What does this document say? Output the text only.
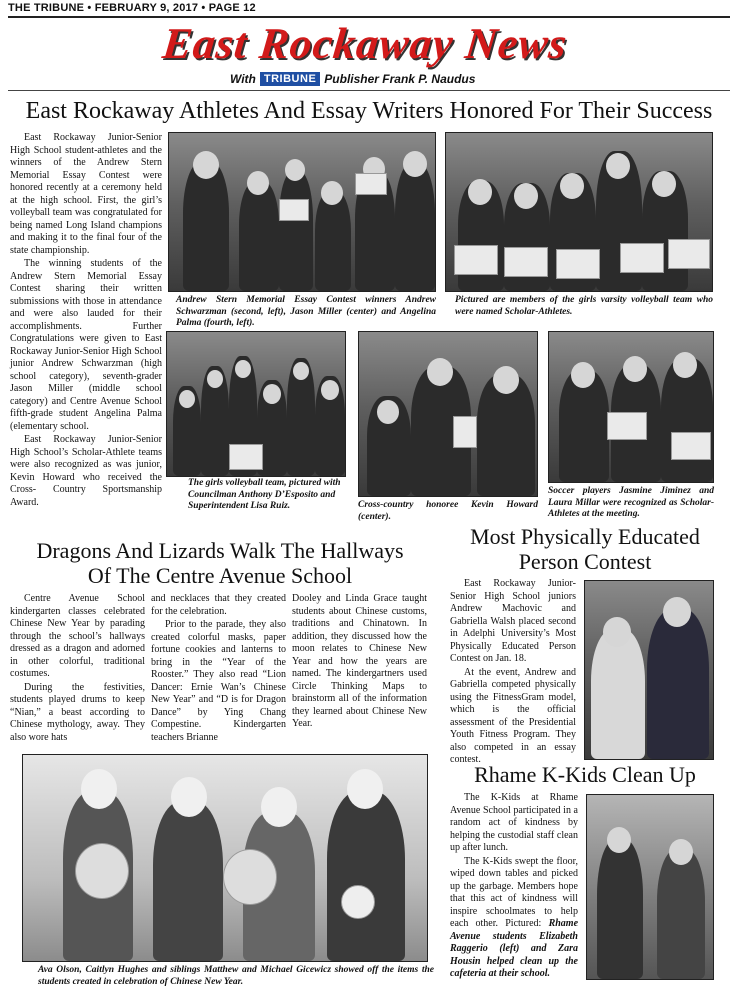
THE TRIBUNE • FEBRUARY 9, 2017 • PAGE 12
East Rockaway News
With TRIBUNE Publisher Frank P. Naudus
East Rockaway Athletes And Essay Writers Honored For Their Success

East Rockaway Junior-Senior High School student-athletes and the winners of the Andrew Stern Memorial Essay Contest were honored recently at a ceremony held at the high school. First, the girl’s volleyball team was congratulated for being named Long Island champions and making it to the final four of the state championship.

The winning students of the Andrew Stern Memorial Essay Contest sharing their written submissions with those in attendance and were also lauded for their accomplishments. Further Congratulations were given to East Rockaway Junior-Senior High School junior Andrew Schwarzman (high school category), seventh-grader Jason Miller (middle school category) and Centre Avenue School fifth-grade student Angelina Palma (elementary school.

East Rockaway Junior-Senior High School’s Scholar-Athlete teams were also recognized as was junior, Kevin Howard who received the Cross- Country Sportsmanship Award.

Andrew Stern Memorial Essay Contest winners Andrew Schwarzman (second, left), Jason Miller (center) and Angelina Palma (fourth, left).
Pictured are members of the girls varsity volleyball team who were named Scholar-Athletes.
The girls volleyball team, pictured with Councilman Anthony D’Esposito and Superintendent Lisa Ruiz.	Cross-country honoree Kevin Howard (center).
Soccer players Jasmine Jiminez and Laura Millar were recognized as Scholar-Athletes at the meeting.
Dragons And Lizards Walk The Hallways
Of The Centre Avenue School

Centre Avenue School kindergarten classes celebrated Chinese New Year by parading through the school’s hallways dressed as a dragon and adorned in other colorful, traditional costumes.

During the festivities, students played drums to keep “Nian,” a beast according to Chinese mythology, away. They also wore hats

and necklaces that they created for the celebration.

Prior to the parade, they also created colorful masks, paper fortune cookies and lanterns to bring in the “Year of the Rooster.” They also read “Lion Dancer: Ernie Wan’s Chinese New Year” and “D is for Dragon Dance” by Ying Chang Compestine. Kindergarten teachers Brianne

Dooley and Linda Grace taught students about Chinese customs, traditions and Chinatown. In addition, they discussed how the moon relates to Chinese New Year and how the years are named. The kindergartners used Circle Thinking Maps to brainstorm all of the information they learned about Chinese New Year.

Ava Olson, Caitlyn Hughes and siblings Matthew and Michael Gicewicz showed off the items the students created in celebration of Chinese New Year.
Most Physically Educated
Person Contest

East Rockaway Junior-Senior High School juniors Andrew Machovic and Gabriella Walsh placed second in Adelphi University’s Most Physically Educated Person Contest on Jan. 18.

At the event, Andrew and Gabriella competed physically using the FitnessGram model, which is the official assessment of the Presidential Youth Fitness Program. They also competed in an essay contest.

Rhame K-Kids Clean Up

The K-Kids at Rhame Avenue School participated in a random act of kindness by helping the custodial staff clean up after lunch.

The K-Kids swept the floor, wiped down tables and picked up the garbage. Members hope that this act of kindness will inspire schoolmates to help each other. Pictured: Rhame Avenue students Elizabeth Raggerio (left) and Zara Housin helped clean up the cafeteria at their school.
